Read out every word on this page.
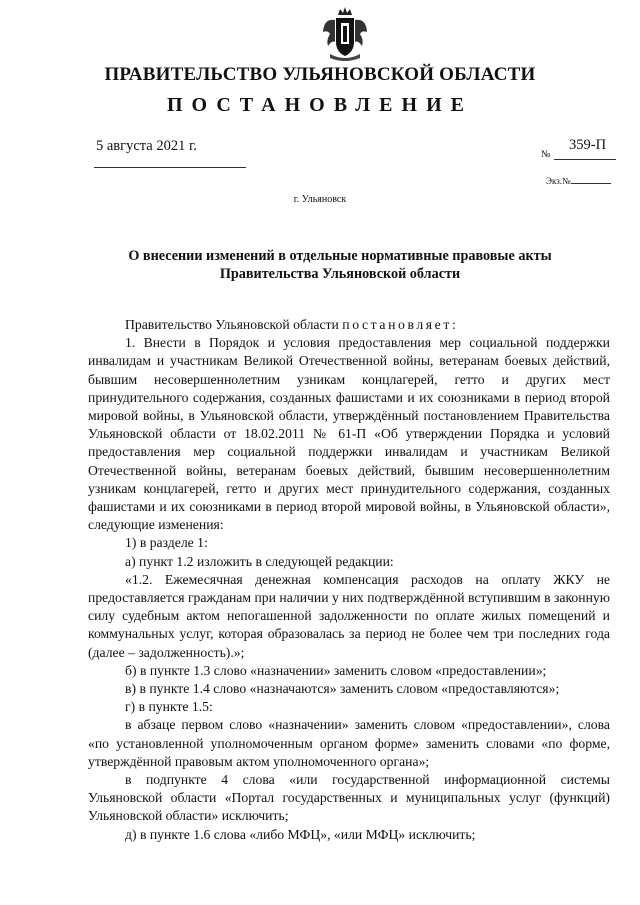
ПРАВИТЕЛЬСТВО УЛЬЯНОВСКОЙ ОБЛАСТИ
ПОСТАНОВЛЕНИЕ
5 августа 2021 г.
№
359-П
Экз.№
г. Ульяновск
О внесении изменений в отдельные нормативные правовые акты
Правительства Ульяновской области

Правительство Ульяновской области постановляет:

1. Внести в Порядок и условия предоставления мер социальной поддержки инвалидам и участникам Великой Отечественной войны, ветеранам боевых действий, бывшим несовершеннолетним узникам концлагерей, гетто и других мест принудительного содержания, созданных фашистами и их союзниками в период второй мировой войны, в Ульяновской области, утверждённый постановлением Правительства Ульяновской области от 18.02.2011 № 61-П «Об утверждении Порядка и условий предоставления мер социальной поддержки инвалидам и участникам Великой Отечественной войны, ветеранам боевых действий, бывшим несовершеннолетним узникам концлагерей, гетто и других мест принудительного содержания, созданных фашистами и их союзниками в период второй мировой войны, в Ульяновской области», следующие изменения:

1) в разделе 1:

а) пункт 1.2 изложить в следующей редакции:

«1.2. Ежемесячная денежная компенсация расходов на оплату ЖКУ не предоставляется гражданам при наличии у них подтверждённой вступившим в законную силу судебным актом непогашенной задолженности по оплате жилых помещений и коммунальных услуг, которая образовалась за период не более чем три последних года (далее – задолженность).»;

б) в пункте 1.3 слово «назначении» заменить словом «предоставлении»;

в) в пункте 1.4 слово «назначаются» заменить словом «предоставляются»;

г) в пункте 1.5:

в абзаце первом слово «назначении» заменить словом «предоставлении», слова «по установленной уполномоченным органом форме» заменить словами «по форме, утверждённой правовым актом уполномоченного органа»;

в подпункте 4 слова «или государственной информационной системы Ульяновской области «Портал государственных и муниципальных услуг (функций) Ульяновской области» исключить;

д) в пункте 1.6 слова «либо МФЦ», «или МФЦ» исключить;
